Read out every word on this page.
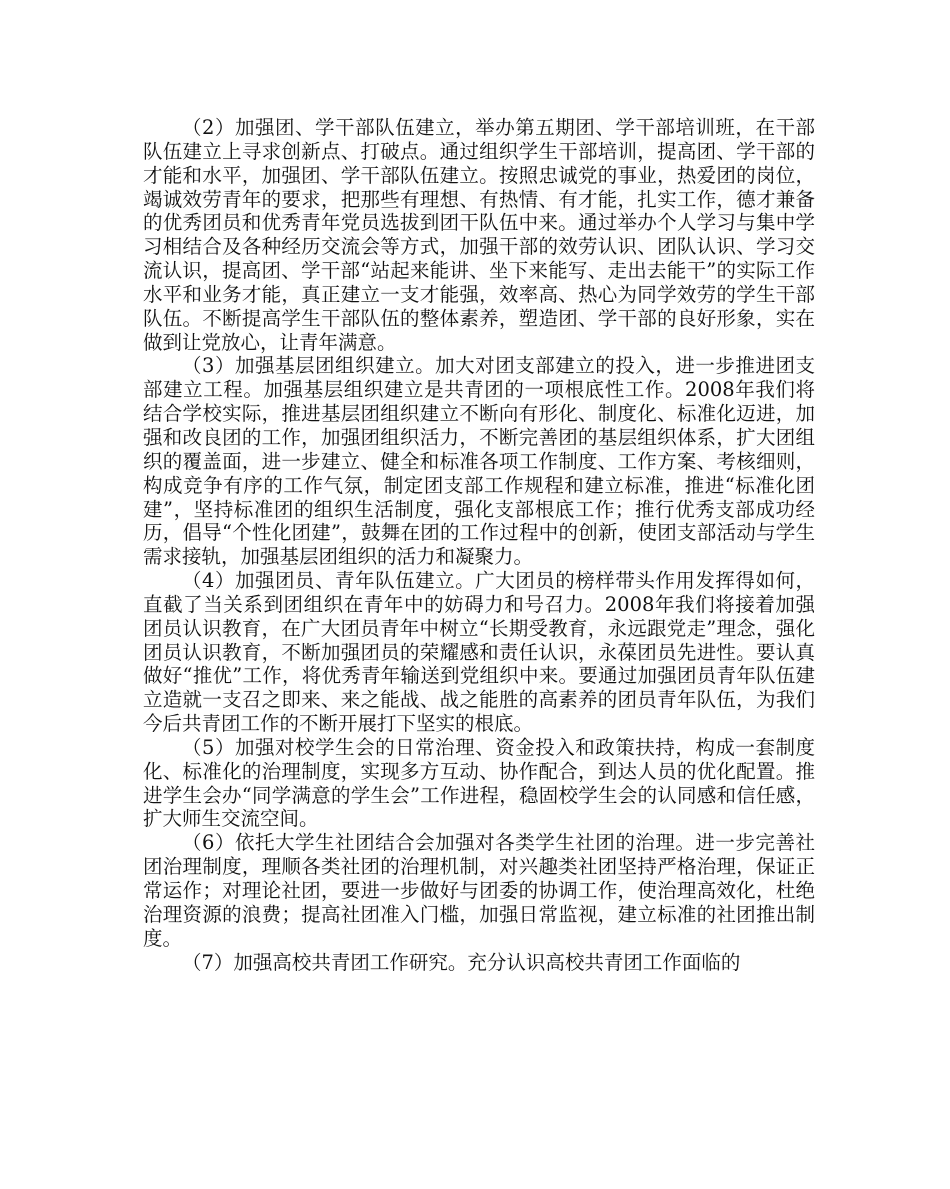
（2）加强团、学干部队伍建立，举办第五期团、学干部培训班，在干部队伍建立上寻求创新点、打破点。通过组织学生干部培训，提高团、学干部的才能和水平，加强团、学干部队伍建立。按照忠诚党的事业，热爱团的岗位，竭诚效劳青年的要求，把那些有理想、有热情、有才能，扎实工作，德才兼备的优秀团员和优秀青年党员选拔到团干队伍中来。通过举办个人学习与集中学习相结合及各种经历交流会等方式，加强干部的效劳认识、团队认识、学习交流认识，提高团、学干部“站起来能讲、坐下来能写、走出去能干”的实际工作水平和业务才能，真正建立一支才能强，效率高、热心为同学效劳的学生干部队伍。不断提高学生干部队伍的整体素养，塑造团、学干部的良好形象，实在做到让党放心，让青年满意。

（3）加强基层团组织建立。加大对团支部建立的投入，进一步推进团支部建立工程。加强基层组织建立是共青团的一项根底性工作。2008年我们将结合学校实际，推进基层团组织建立不断向有形化、制度化、标准化迈进，加强和改良团的工作，加强团组织活力，不断完善团的基层组织体系，扩大团组织的覆盖面，进一步建立、健全和标准各项工作制度、工作方案、考核细则，构成竞争有序的工作气氛，制定团支部工作规程和建立标准，推进“标准化团建”，坚持标准团的组织生活制度，强化支部根底工作；推行优秀支部成功经历，倡导“个性化团建”，鼓舞在团的工作过程中的创新，使团支部活动与学生需求接轨，加强基层团组织的活力和凝聚力。

（4）加强团员、青年队伍建立。广大团员的榜样带头作用发挥得如何，直截了当关系到团组织在青年中的妨碍力和号召力。2008年我们将接着加强团员认识教育，在广大团员青年中树立“长期受教育，永远跟党走”理念，强化团员认识教育，不断加强团员的荣耀感和责任认识，永葆团员先进性。要认真做好“推优”工作，将优秀青年输送到党组织中来。要通过加强团员青年队伍建立造就一支召之即来、来之能战、战之能胜的高素养的团员青年队伍，为我们今后共青团工作的不断开展打下坚实的根底。

（5）加强对校学生会的日常治理、资金投入和政策扶持，构成一套制度化、标准化的治理制度，实现多方互动、协作配合，到达人员的优化配置。推进学生会办“同学满意的学生会”工作进程，稳固校学生会的认同感和信任感，扩大师生交流空间。

（6）依托大学生社团结合会加强对各类学生社团的治理。进一步完善社团治理制度，理顺各类社团的治理机制，对兴趣类社团坚持严格治理，保证正常运作；对理论社团，要进一步做好与团委的协调工作，使治理高效化，杜绝治理资源的浪费；提高社团准入门槛，加强日常监视，建立标准的社团推出制度。

（7）加强高校共青团工作研究。充分认识高校共青团工作面临的
